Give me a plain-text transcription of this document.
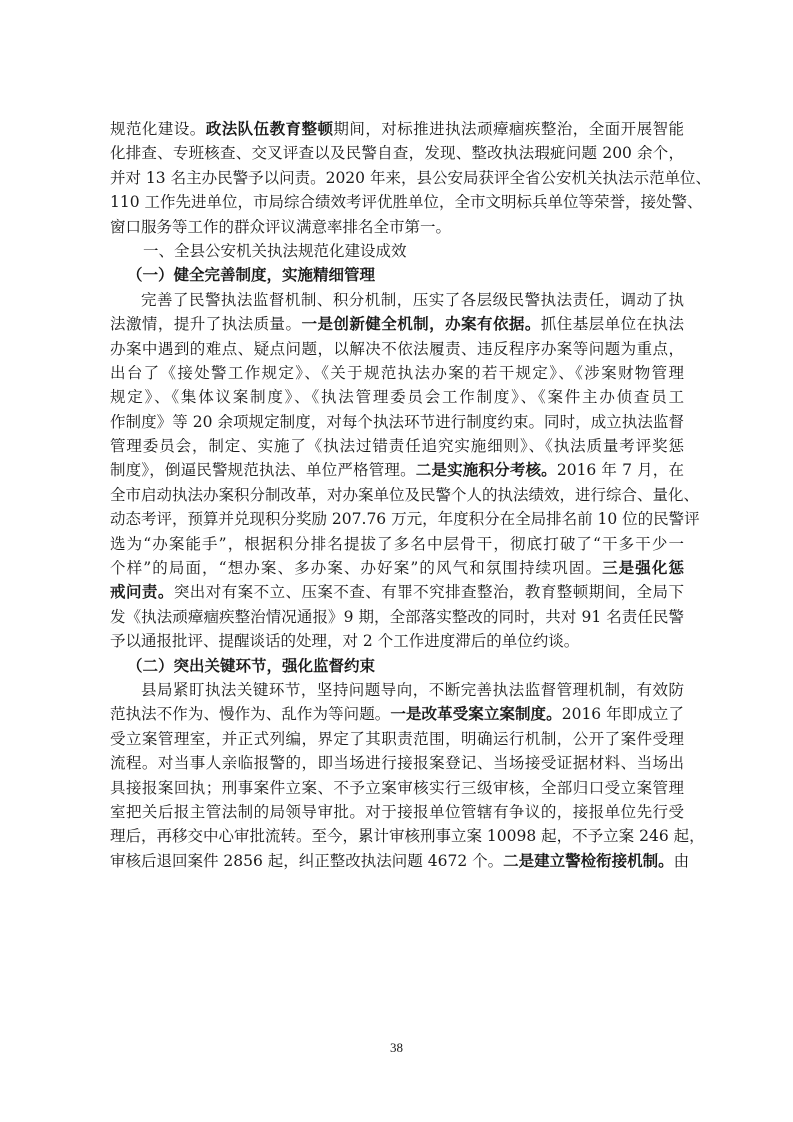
规范化建设。政法队伍教育整顿期间，对标推进执法顽瘴痼疾整治，全面开展智能
化排查、专班核查、交叉评查以及民警自查，发现、整改执法瑕疵问题 200 余个，
并对 13 名主办民警予以问责。2020 年来，县公安局获评全省公安机关执法示范单位、
110 工作先进单位，市局综合绩效考评优胜单位，全市文明标兵单位等荣誉，接处警、
窗口服务等工作的群众评议满意率排名全市第一。
一、全县公安机关执法规范化建设成效
（一）健全完善制度，实施精细管理
完善了民警执法监督机制、积分机制，压实了各层级民警执法责任，调动了执
法激情，提升了执法质量。一是创新健全机制，办案有依据。抓住基层单位在执法
办案中遇到的难点、疑点问题，以解决不依法履责、违反程序办案等问题为重点，
出台了《接处警工作规定》、《关于规范执法办案的若干规定》、《涉案财物管理
规定》、《集体议案制度》、《执法管理委员会工作制度》、《案件主办侦查员工
作制度》等 20 余项规定制度，对每个执法环节进行制度约束。同时，成立执法监督
管理委员会，制定、实施了《执法过错责任追究实施细则》、《执法质量考评奖惩
制度》，倒逼民警规范执法、单位严格管理。二是实施积分考核。2016 年 7 月，在
全市启动执法办案积分制改革，对办案单位及民警个人的执法绩效，进行综合、量化、
动态考评，预算并兑现积分奖励 207.76 万元，年度积分在全局排名前 10 位的民警评
选为“办案能手”，根据积分排名提拔了多名中层骨干，彻底打破了“干多干少一
个样”的局面，“想办案、多办案、办好案”的风气和氛围持续巩固。三是强化惩
戒问责。突出对有案不立、压案不查、有罪不究排查整治，教育整顿期间，全局下
发《执法顽瘴痼疾整治情况通报》9 期，全部落实整改的同时，共对 91 名责任民警
予以通报批评、提醒谈话的处理，对 2 个工作进度滞后的单位约谈。
（二）突出关键环节，强化监督约束
县局紧盯执法关键环节，坚持问题导向，不断完善执法监督管理机制，有效防
范执法不作为、慢作为、乱作为等问题。一是改革受案立案制度。2016 年即成立了
受立案管理室，并正式列编，界定了其职责范围，明确运行机制，公开了案件受理
流程。对当事人亲临报警的，即当场进行接报案登记、当场接受证据材料、当场出
具接报案回执；刑事案件立案、不予立案审核实行三级审核，全部归口受立案管理
室把关后报主管法制的局领导审批。对于接报单位管辖有争议的，接报单位先行受
理后，再移交中心审批流转。至今，累计审核刑事立案 10098 起，不予立案 246 起，
审核后退回案件 2856 起，纠正整改执法问题 4672 个。二是建立警检衔接机制。由
38
